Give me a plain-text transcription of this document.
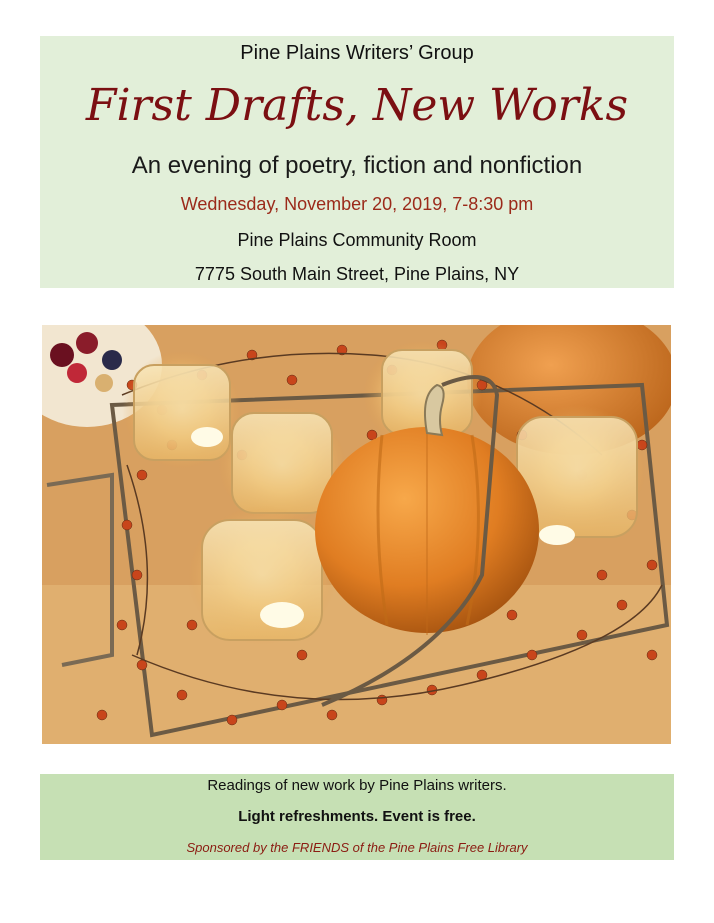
Pine Plains Writers’ Group
First Drafts, New Works
An evening of poetry, fiction and nonfiction
Wednesday, November 20, 2019, 7-8:30 pm
Pine Plains Community Room
7775 South Main Street, Pine Plains, NY
Readings of new work by Pine Plains writers.
Light refreshments. Event is free.
Sponsored by the FRIENDS of the Pine Plains Free Library
